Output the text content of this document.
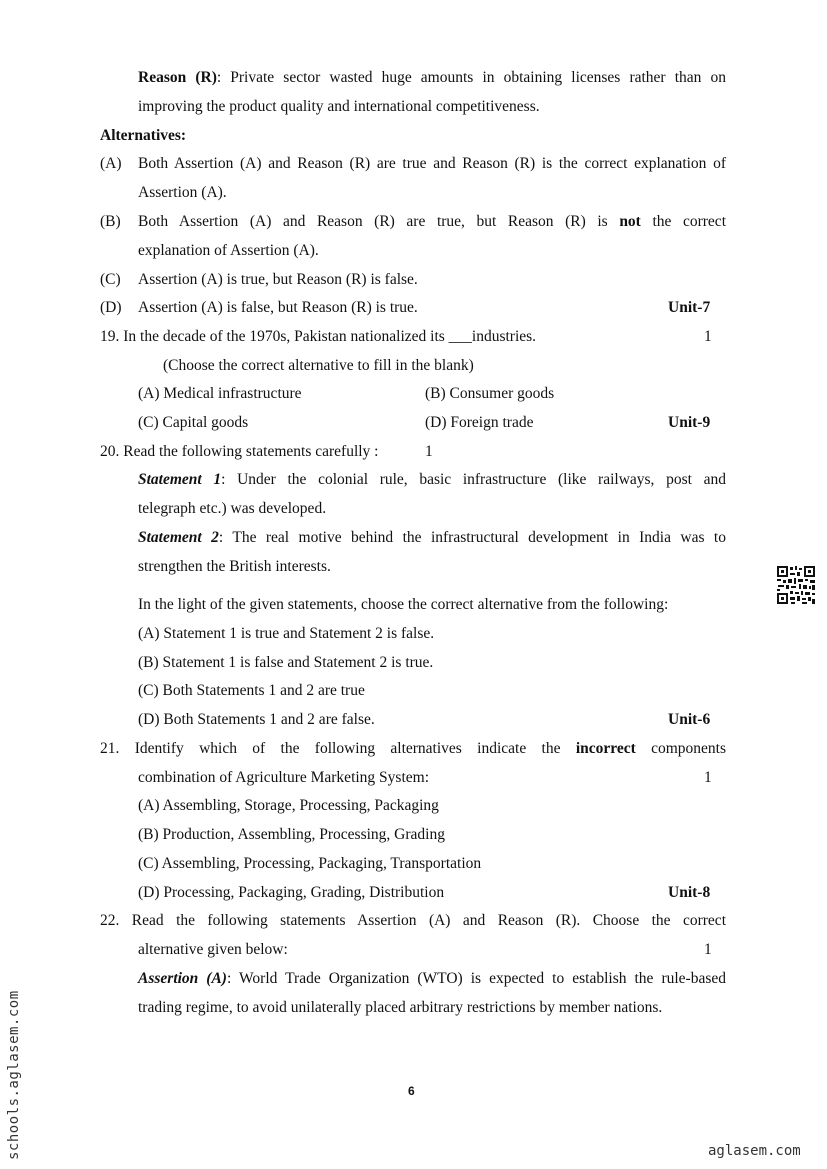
Reason (R): Private sector wasted huge amounts in obtaining licenses rather than on
improving the product quality and international competitiveness.
Alternatives:
(A) Both Assertion (A) and Reason (R) are true and Reason (R) is the correct explanation of
Assertion (A).
(B) Both Assertion (A) and Reason (R) are true, but Reason (R) is not the correct
explanation of Assertion (A).
(C) Assertion (A) is true, but Reason (R) is false.
(D) Assertion (A) is false, but Reason (R) is true.	Unit-7
19. In the decade of the 1970s, Pakistan nationalized its ___industries.	1
(Choose the correct alternative to fill in the blank)
(A) Medical infrastructure	(B) Consumer goods
(C) Capital goods	(D) Foreign trade	Unit-9
20. Read the following statements carefully :	1
Statement 1: Under the colonial rule, basic infrastructure (like railways, post and
telegraph etc.) was developed.
Statement 2: The real motive behind the infrastructural development in India was to
strengthen the British interests.
In the light of the given statements, choose the correct alternative from the following:
(A) Statement 1 is true and Statement 2 is false.
(B) Statement 1 is false and Statement 2 is true.
(C) Both Statements 1 and 2 are true
(D) Both Statements 1 and 2 are false.	Unit-6
21. Identify which of the following alternatives indicate the incorrect components
combination of Agriculture Marketing System:	1
(A) Assembling, Storage, Processing, Packaging
(B) Production, Assembling, Processing, Grading
(C) Assembling, Processing, Packaging, Transportation
(D) Processing, Packaging, Grading, Distribution	Unit-8
22. Read the following statements Assertion (A) and Reason (R). Choose the correct
alternative given below:	1
Assertion (A): World Trade Organization (WTO) is expected to establish the rule-based
trading regime, to avoid unilaterally placed arbitrary restrictions by member nations.
6
schools.aglasem.com	aglasem.com
